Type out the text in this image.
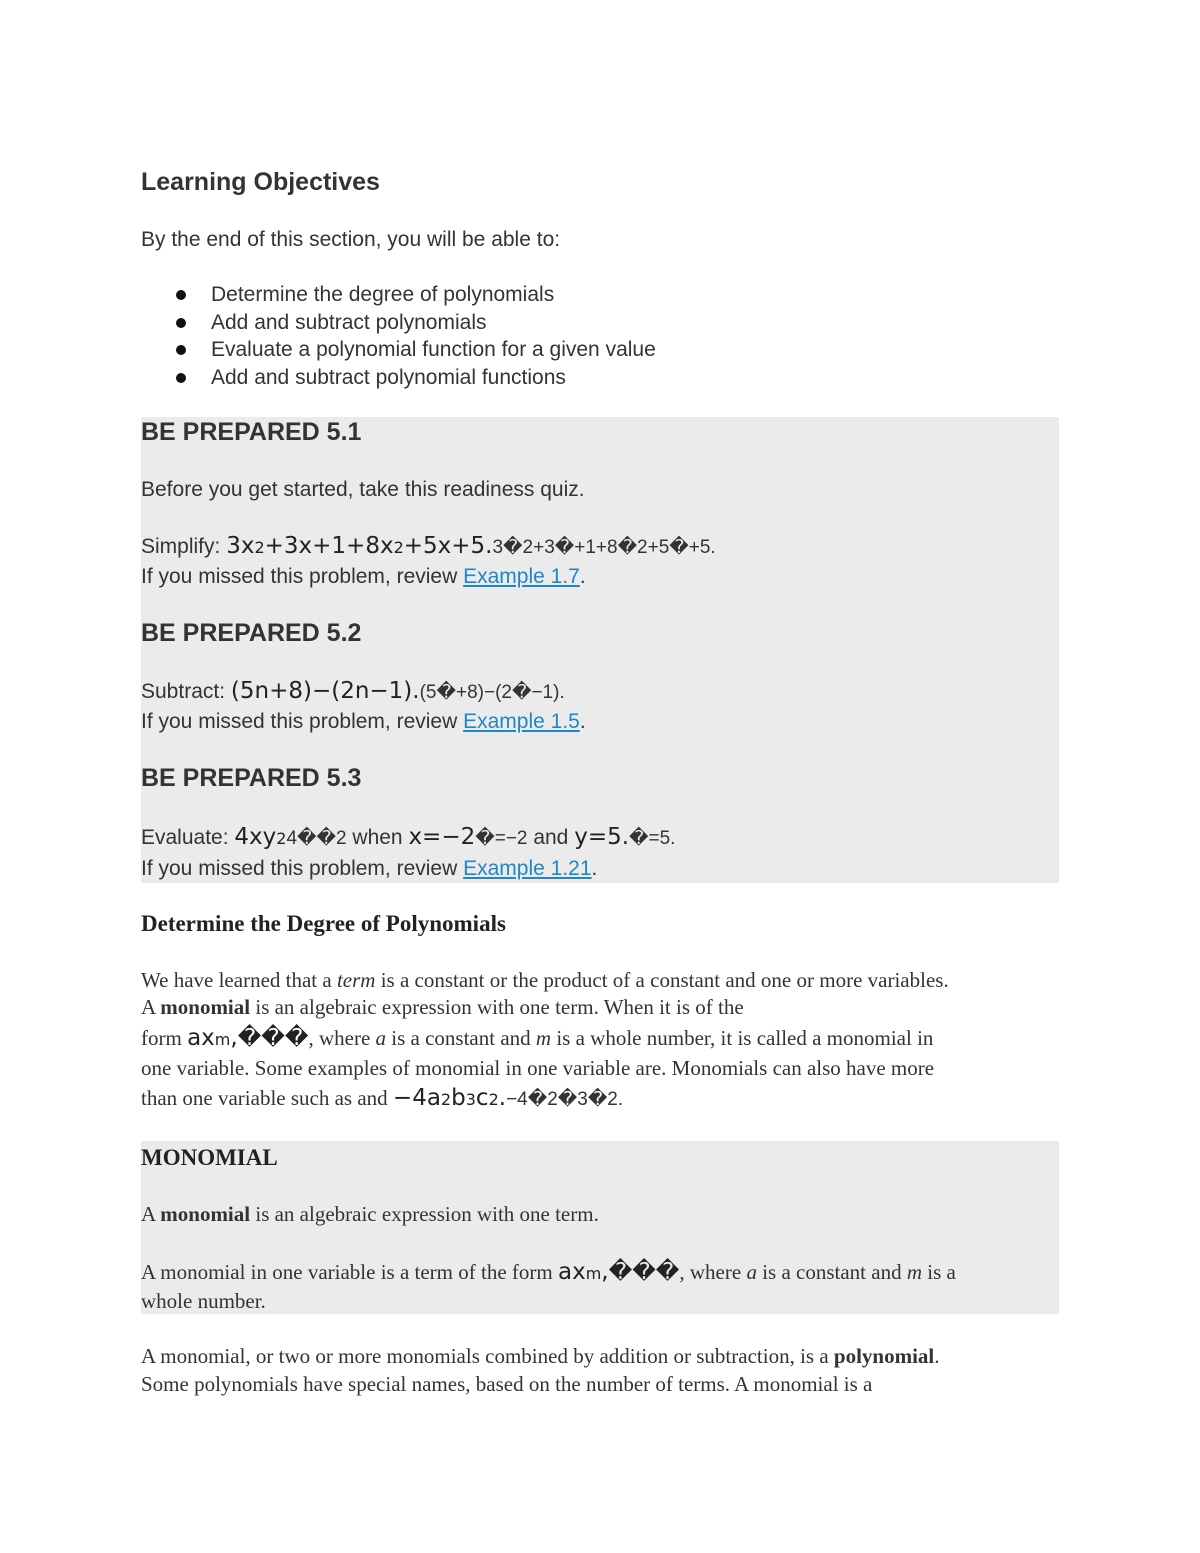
Learning Objectives
By the end of this section, you will be able to:
Determine the degree of polynomials
Add and subtract polynomials
Evaluate a polynomial function for a given value
Add and subtract polynomial functions
BE PREPARED 5.1
Before you get started, take this readiness quiz.
Simplify: 3x2+3x+1+8x2+5x+5.3�2+3�+1+8�2+5�+5.
If you missed this problem, review Example 1.7.
BE PREPARED 5.2
Subtract: (5n+8)−(2n−1).(5�+8)−(2�−1).
If you missed this problem, review Example 1.5.
BE PREPARED 5.3
Evaluate: 4xy24��2 when x=−2�=−2 and y=5.�=5.
If you missed this problem, review Example 1.21.
Determine the Degree of Polynomials
We have learned that a term is a constant or the product of a constant and one or more variables.
A monomial is an algebraic expression with one term. When it is of the
form axm,���, where a is a constant and m is a whole number, it is called a monomial in
one variable. Some examples of monomial in one variable are. Monomials can also have more
than one variable such as and −4a2b3c2.−4�2�3�2.
MONOMIAL
A monomial is an algebraic expression with one term.
A monomial in one variable is a term of the form axm,���, where a is a constant and m is a
whole number.
A monomial, or two or more monomials combined by addition or subtraction, is a polynomial.
Some polynomials have special names, based on the number of terms. A monomial is a
